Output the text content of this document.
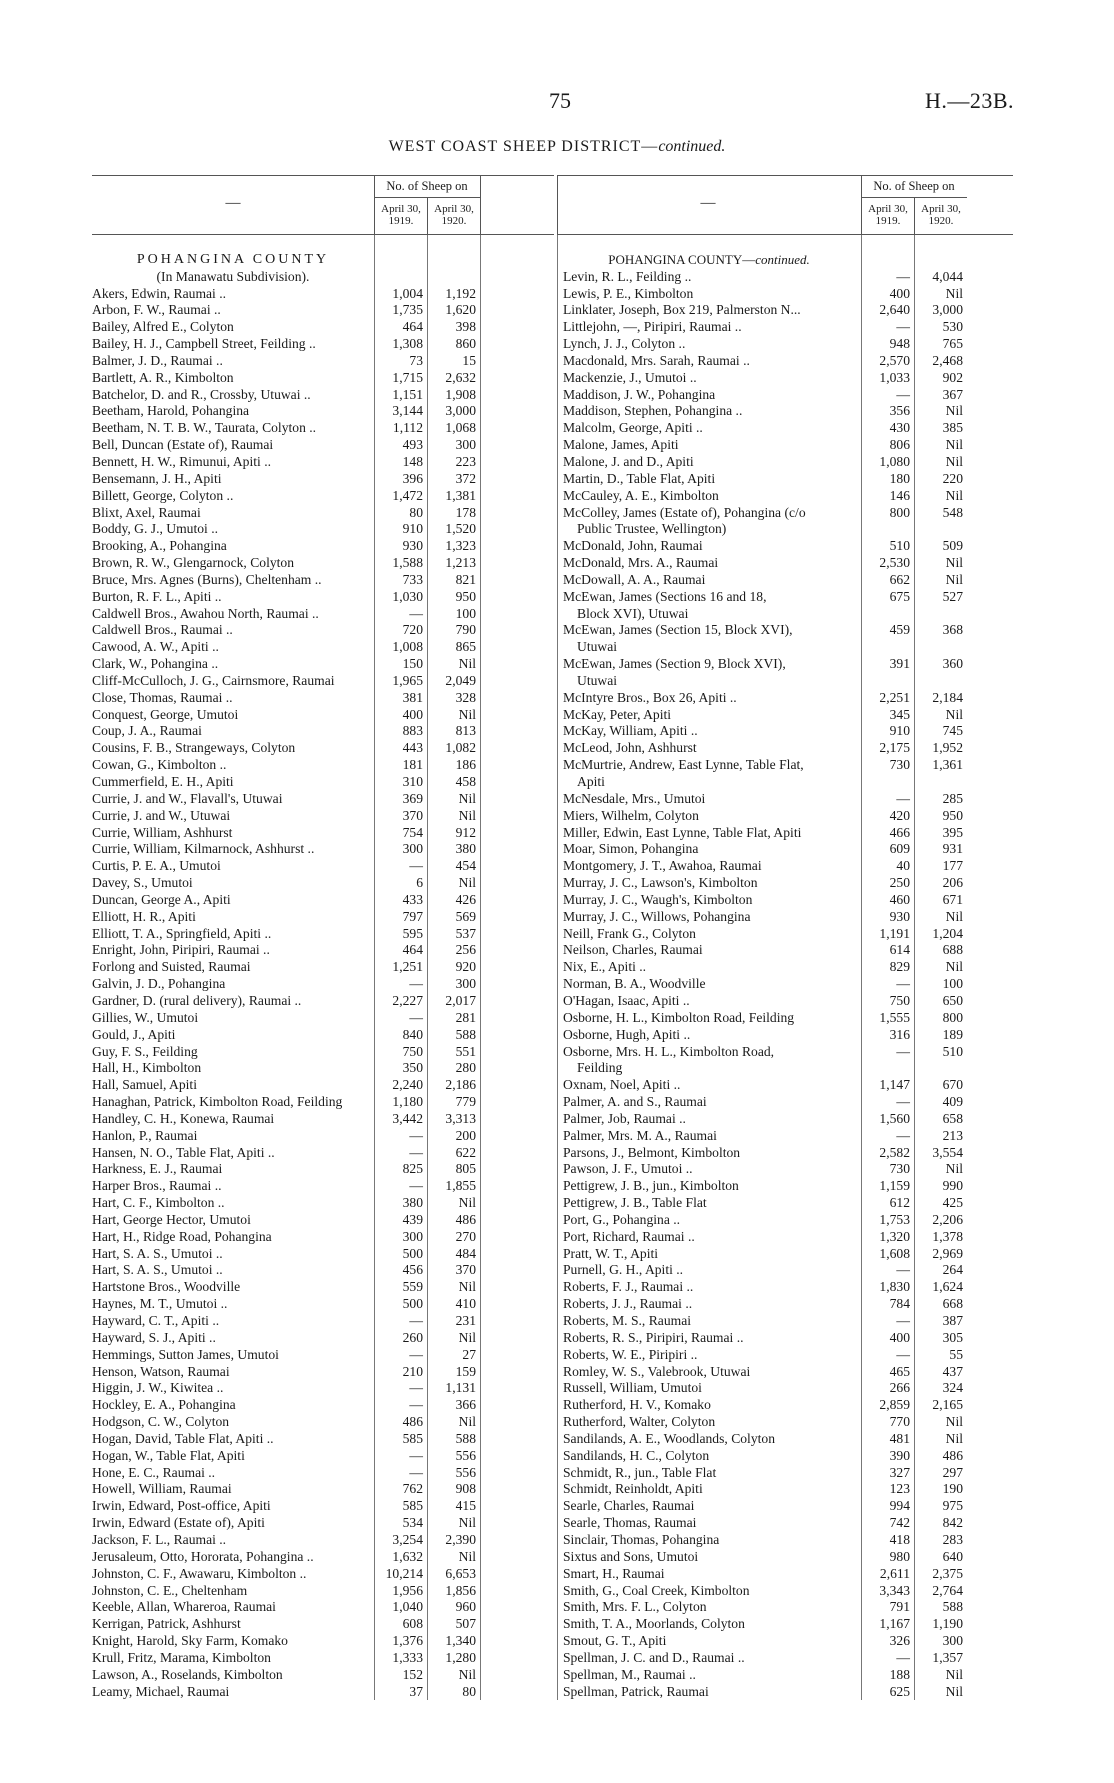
75	H.—23B.
WEST COAST SHEEP DISTRICT—continued.
—
No. of Sheep on
April 30, 1919.
April 30, 1920.
POHANGINA COUNTY
(In Manawatu Subdivision).
Akers, Edwin, Raumai ..	1,004	1,192
Arbon, F. W., Raumai ..	1,735	1,620
Bailey, Alfred E., Colyton	464	398
Bailey, H. J., Campbell Street, Feilding ..	1,308	860
Balmer, J. D., Raumai ..	73	15
Bartlett, A. R., Kimbolton	1,715	2,632
Batchelor, D. and R., Crossby, Utuwai ..	1,151	1,908
Beetham, Harold, Pohangina	3,144	3,000
Beetham, N. T. B. W., Taurata, Colyton ..	1,112	1,068
Bell, Duncan (Estate of), Raumai	493	300
Bennett, H. W., Rimunui, Apiti ..	148	223
Bensemann, J. H., Apiti	396	372
Billett, George, Colyton ..	1,472	1,381
Blixt, Axel, Raumai	80	178
Boddy, G. J., Umutoi ..	910	1,520
Brooking, A., Pohangina	930	1,323
Brown, R. W., Glengarnock, Colyton	1,588	1,213
Bruce, Mrs. Agnes (Burns), Cheltenham ..	733	821
Burton, R. F. L., Apiti ..	1,030	950
Caldwell Bros., Awahou North, Raumai ..	—	100
Caldwell Bros., Raumai ..	720	790
Cawood, A. W., Apiti ..	1,008	865
Clark, W., Pohangina ..	150	Nil
Cliff-McCulloch, J. G., Cairnsmore, Raumai	1,965	2,049
Close, Thomas, Raumai ..	381	328
Conquest, George, Umutoi	400	Nil
Coup, J. A., Raumai	883	813
Cousins, F. B., Strangeways, Colyton	443	1,082
Cowan, G., Kimbolton ..	181	186
Cummerfield, E. H., Apiti	310	458
Currie, J. and W., Flavall's, Utuwai	369	Nil
Currie, J. and W., Utuwai	370	Nil
Currie, William, Ashhurst	754	912
Currie, William, Kilmarnock, Ashhurst ..	300	380
Curtis, P. E. A., Umutoi	—	454
Davey, S., Umutoi	6	Nil
Duncan, George A., Apiti	433	426
Elliott, H. R., Apiti	797	569
Elliott, T. A., Springfield, Apiti ..	595	537
Enright, John, Piripiri, Raumai ..	464	256
Forlong and Suisted, Raumai	1,251	920
Galvin, J. D., Pohangina	—	300
Gardner, D. (rural delivery), Raumai ..	2,227	2,017
Gillies, W., Umutoi	—	281
Gould, J., Apiti	840	588
Guy, F. S., Feilding	750	551
Hall, H., Kimbolton	350	280
Hall, Samuel, Apiti	2,240	2,186
Hanaghan, Patrick, Kimbolton Road, Feilding	1,180	779
Handley, C. H., Konewa, Raumai	3,442	3,313
Hanlon, P., Raumai	—	200
Hansen, N. O., Table Flat, Apiti ..	—	622
Harkness, E. J., Raumai	825	805
Harper Bros., Raumai ..	—	1,855
Hart, C. F., Kimbolton ..	380	Nil
Hart, George Hector, Umutoi	439	486
Hart, H., Ridge Road, Pohangina	300	270
Hart, S. A. S., Umutoi ..	500	484
Hart, S. A. S., Umutoi ..	456	370
Hartstone Bros., Woodville	559	Nil
Haynes, M. T., Umutoi ..	500	410
Hayward, C. T., Apiti ..	—	231
Hayward, S. J., Apiti ..	260	Nil
Hemmings, Sutton James, Umutoi	—	27
Henson, Watson, Raumai	210	159
Higgin, J. W., Kiwitea ..	—	1,131
Hockley, E. A., Pohangina	—	366
Hodgson, C. W., Colyton	486	Nil
Hogan, David, Table Flat, Apiti ..	585	588
Hogan, W., Table Flat, Apiti	—	556
Hone, E. C., Raumai ..	—	556
Howell, William, Raumai	762	908
Irwin, Edward, Post-office, Apiti	585	415
Irwin, Edward (Estate of), Apiti	534	Nil
Jackson, F. L., Raumai ..	3,254	2,390
Jerusaleum, Otto, Hororata, Pohangina ..	1,632	Nil
Johnston, C. F., Awawaru, Kimbolton ..	10,214	6,653
Johnston, C. E., Cheltenham	1,956	1,856
Keeble, Allan, Whareroa, Raumai	1,040	960
Kerrigan, Patrick, Ashhurst	608	507
Knight, Harold, Sky Farm, Komako	1,376	1,340
Krull, Fritz, Marama, Kimbolton	1,333	1,280
Lawson, A., Roselands, Kimbolton	152	Nil
Leamy, Michael, Raumai	37	80
—
No. of Sheep on
April 30, 1919.
April 30, 1920.
POHANGINA COUNTY—continued.
Levin, R. L., Feilding ..	—	4,044
Lewis, P. E., Kimbolton	400	Nil
Linklater, Joseph, Box 219, Palmerston N...	2,640	3,000
Littlejohn, —, Piripiri, Raumai ..	—	530
Lynch, J. J., Colyton ..	948	765
Macdonald, Mrs. Sarah, Raumai ..	2,570	2,468
Mackenzie, J., Umutoi ..	1,033	902
Maddison, J. W., Pohangina	—	367
Maddison, Stephen, Pohangina ..	356	Nil
Malcolm, George, Apiti ..	430	385
Malone, James, Apiti	806	Nil
Malone, J. and D., Apiti	1,080	Nil
Martin, D., Table Flat, Apiti	180	220
McCauley, A. E., Kimbolton	146	Nil
McColley, James (Estate of), Pohangina (c/o	800	548
Public Trustee, Wellington)
McDonald, John, Raumai	510	509
McDonald, Mrs. A., Raumai	2,530	Nil
McDowall, A. A., Raumai	662	Nil
McEwan, James (Sections 16 and 18,	675	527
Block XVI), Utuwai
McEwan, James (Section 15, Block XVI),	459	368
Utuwai
McEwan, James (Section 9, Block XVI),	391	360
Utuwai
McIntyre Bros., Box 26, Apiti ..	2,251	2,184
McKay, Peter, Apiti	345	Nil
McKay, William, Apiti ..	910	745
McLeod, John, Ashhurst	2,175	1,952
McMurtrie, Andrew, East Lynne, Table Flat,	730	1,361
Apiti
McNesdale, Mrs., Umutoi	—	285
Miers, Wilhelm, Colyton	420	950
Miller, Edwin, East Lynne, Table Flat, Apiti	466	395
Moar, Simon, Pohangina	609	931
Montgomery, J. T., Awahoa, Raumai	40	177
Murray, J. C., Lawson's, Kimbolton	250	206
Murray, J. C., Waugh's, Kimbolton	460	671
Murray, J. C., Willows, Pohangina	930	Nil
Neill, Frank G., Colyton	1,191	1,204
Neilson, Charles, Raumai	614	688
Nix, E., Apiti ..	829	Nil
Norman, B. A., Woodville	—	100
O'Hagan, Isaac, Apiti ..	750	650
Osborne, H. L., Kimbolton Road, Feilding	1,555	800
Osborne, Hugh, Apiti ..	316	189
Osborne, Mrs. H. L., Kimbolton Road,	—	510
Feilding
Oxnam, Noel, Apiti ..	1,147	670
Palmer, A. and S., Raumai	—	409
Palmer, Job, Raumai ..	1,560	658
Palmer, Mrs. M. A., Raumai	—	213
Parsons, J., Belmont, Kimbolton	2,582	3,554
Pawson, J. F., Umutoi ..	730	Nil
Pettigrew, J. B., jun., Kimbolton	1,159	990
Pettigrew, J. B., Table Flat	612	425
Port, G., Pohangina ..	1,753	2,206
Port, Richard, Raumai ..	1,320	1,378
Pratt, W. T., Apiti	1,608	2,969
Purnell, G. H., Apiti ..	—	264
Roberts, F. J., Raumai ..	1,830	1,624
Roberts, J. J., Raumai ..	784	668
Roberts, M. S., Raumai	—	387
Roberts, R. S., Piripiri, Raumai ..	400	305
Roberts, W. E., Piripiri ..	—	55
Romley, W. S., Valebrook, Utuwai	465	437
Russell, William, Umutoi	266	324
Rutherford, H. V., Komako	2,859	2,165
Rutherford, Walter, Colyton	770	Nil
Sandilands, A. E., Woodlands, Colyton	481	Nil
Sandilands, H. C., Colyton	390	486
Schmidt, R., jun., Table Flat	327	297
Schmidt, Reinholdt, Apiti	123	190
Searle, Charles, Raumai	994	975
Searle, Thomas, Raumai	742	842
Sinclair, Thomas, Pohangina	418	283
Sixtus and Sons, Umutoi	980	640
Smart, H., Raumai	2,611	2,375
Smith, G., Coal Creek, Kimbolton	3,343	2,764
Smith, Mrs. F. L., Colyton	791	588
Smith, T. A., Moorlands, Colyton	1,167	1,190
Smout, G. T., Apiti	326	300
Spellman, J. C. and D., Raumai ..	—	1,357
Spellman, M., Raumai ..	188	Nil
Spellman, Patrick, Raumai	625	Nil
